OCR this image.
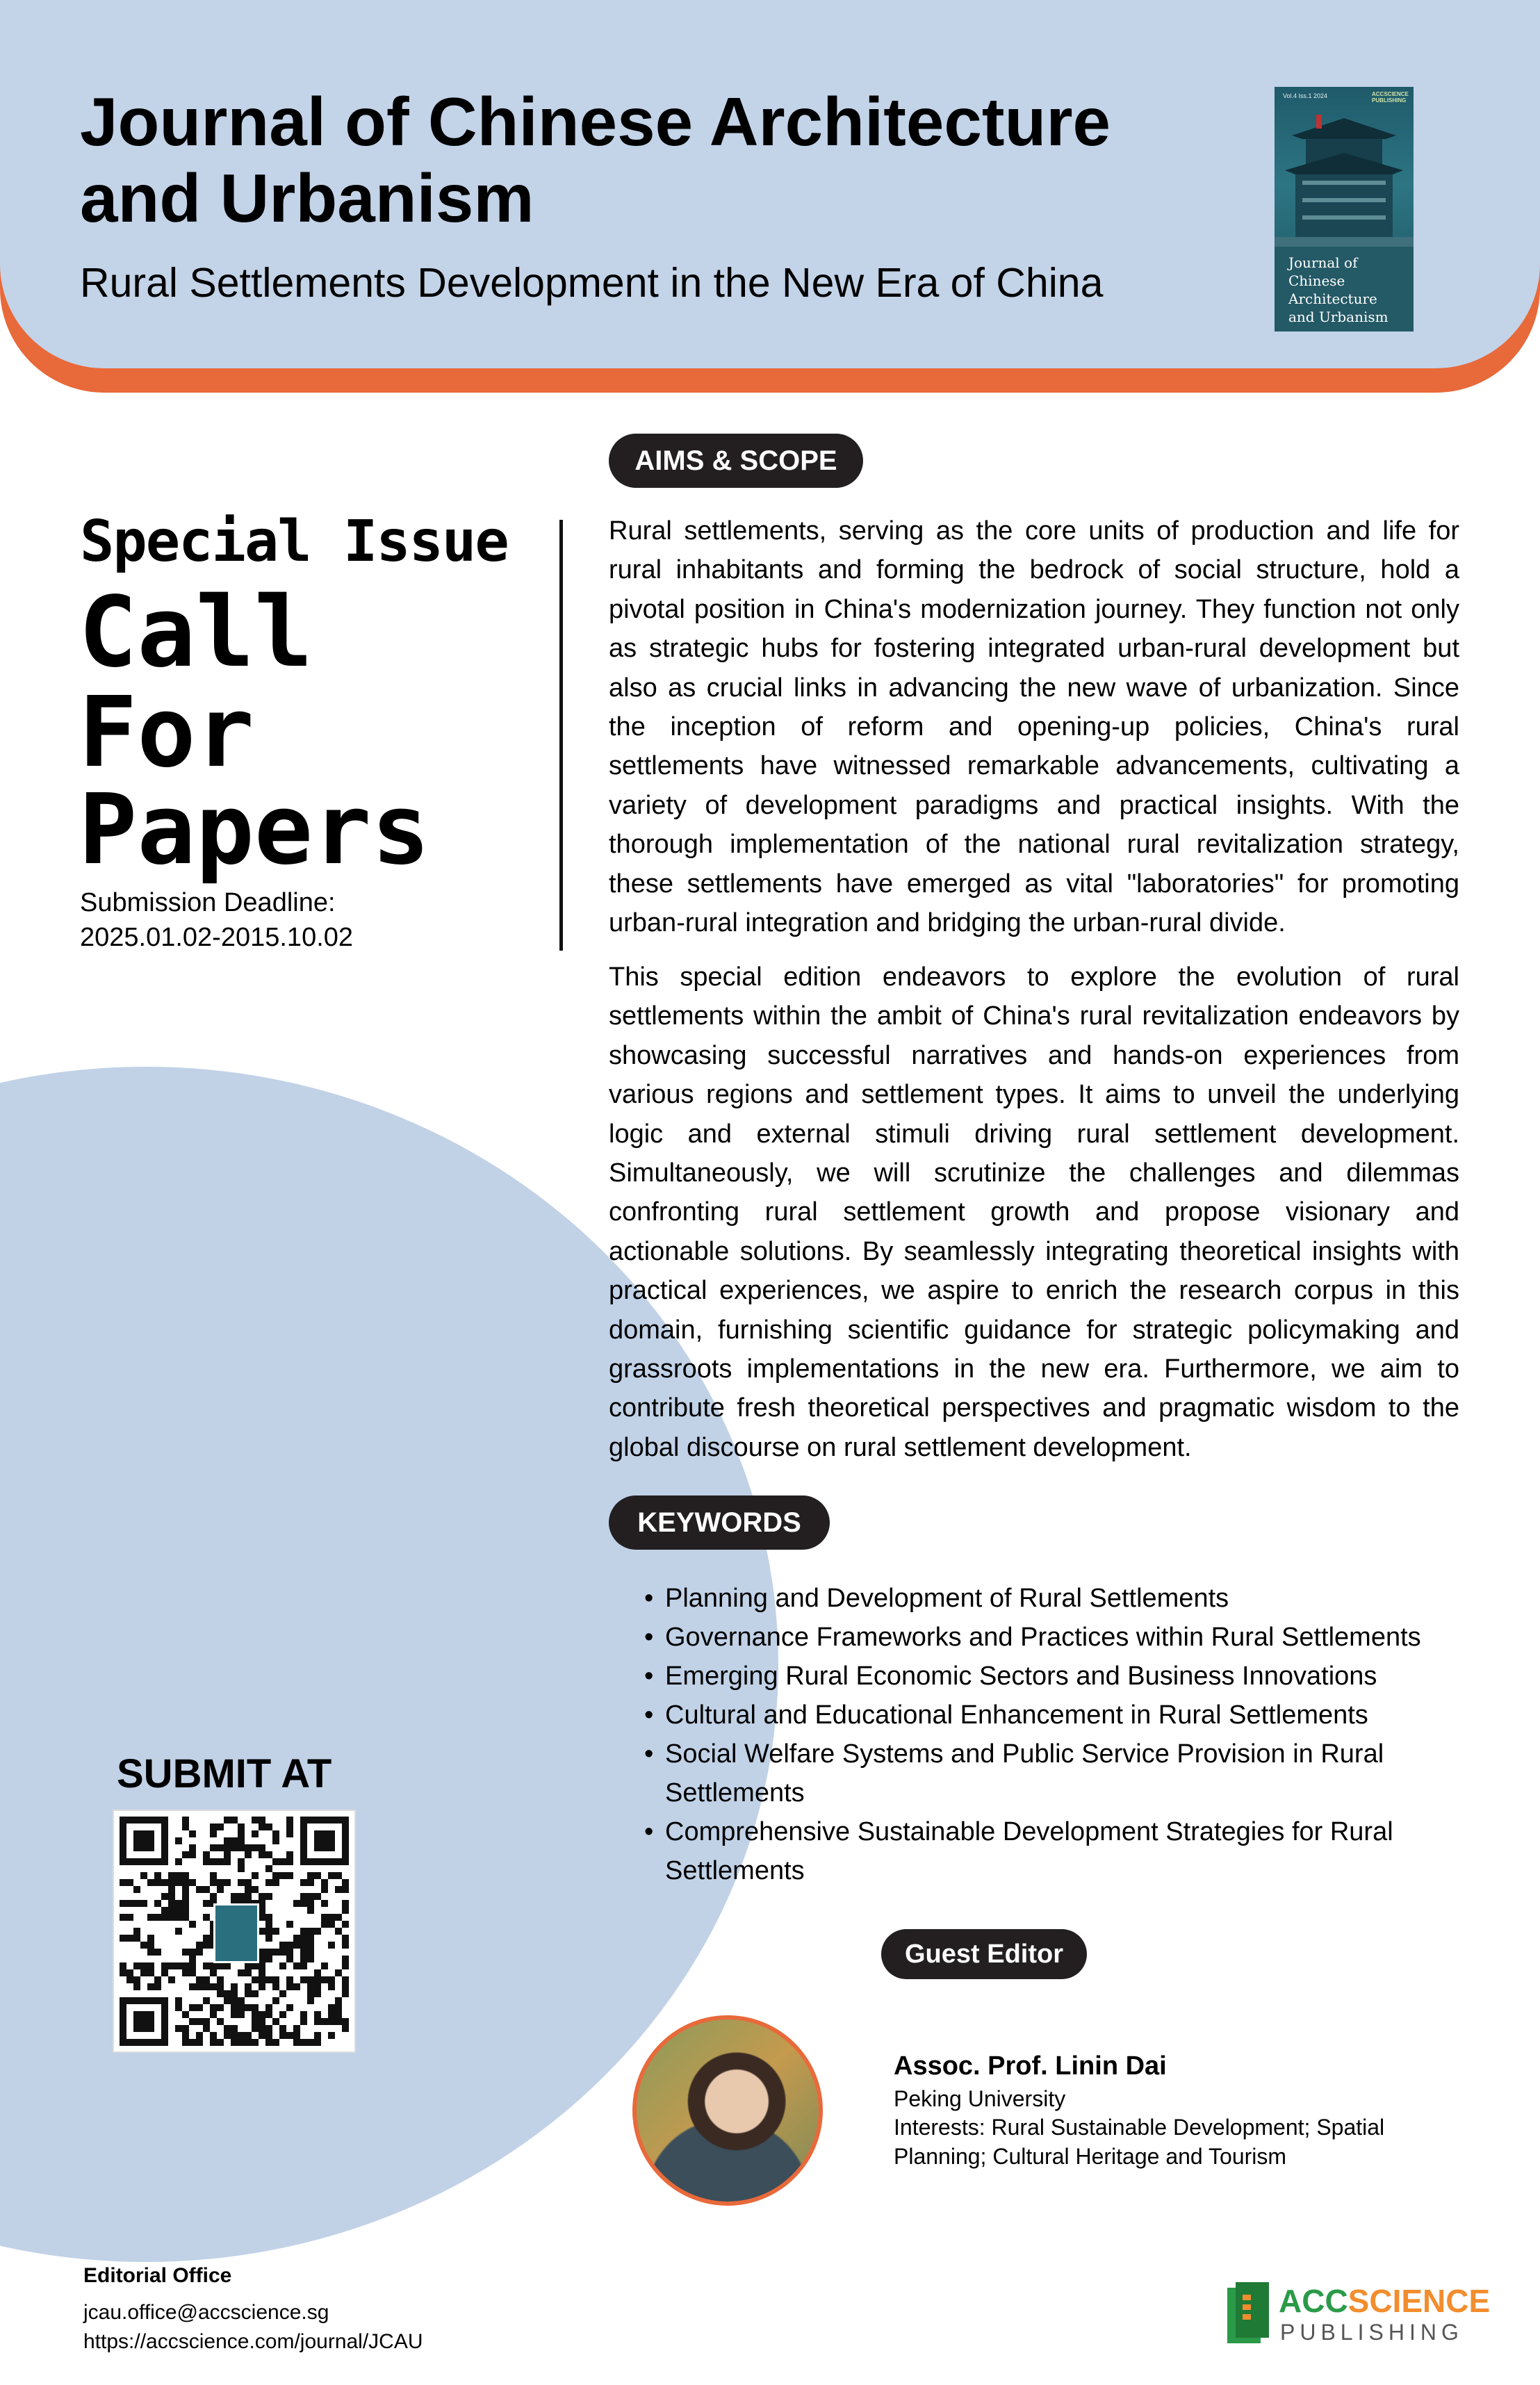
Journal of Chinese Architecture and Urbanism
Rural Settlements Development in the New Era of China
Vol.4 Iss.1 2024	ACCSCIENCE PUBLISHING
Journal of Chinese Architecture and Urbanism
Special Issue
Call
For
Papers
Submission Deadline:
2025.01.02-2015.10.02
AIMS & SCOPE

Rural settlements, serving as the core units of production and life for rural inhabitants and forming the bedrock of social structure, hold a pivotal position in China's modernization journey. They function not only as strategic hubs for fostering integrated urban-rural development but also as crucial links in advancing the new wave of urbanization. Since the inception of reform and opening-up policies, China's rural settlements have witnessed remarkable advancements, cultivating a variety of development paradigms and practical insights. With the thorough implementation of the national rural revitalization strategy, these settlements have emerged as vital "laboratories" for promoting urban-rural integration and bridging the urban-rural divide.

This special edition endeavors to explore the evolution of rural settlements within the ambit of China's rural revitalization endeavors by showcasing successful narratives and hands-on experiences from various regions and settlement types. It aims to unveil the underlying logic and external stimuli driving rural settlement development. Simultaneously, we will scrutinize the challenges and dilemmas confronting rural settlement growth and propose visionary and actionable solutions. By seamlessly integrating theoretical insights with practical experiences, we aspire to enrich the research corpus in this domain, furnishing scientific guidance for strategic policymaking and grassroots implementations in the new era. Furthermore, we aim to contribute fresh theoretical perspectives and pragmatic wisdom to the global discourse on rural settlement development.

KEYWORDS
• Planning and Development of Rural Settlements
• Governance Frameworks and Practices within Rural Settlements
• Emerging Rural Economic Sectors and Business Innovations
• Cultural and Educational Enhancement in Rural Settlements
• Social Welfare Systems and Public Service Provision in Rural Settlements
• Comprehensive Sustainable Development Strategies for Rural Settlements
SUBMIT AT
Guest Editor
Assoc. Prof. Linin Dai
Peking University
Interests: Rural Sustainable Development; Spatial Planning; Cultural Heritage and Tourism
Editorial Office
jcau.office@accscience.sg
https://accscience.com/journal/JCAU
ACCSCIENCE
PUBLISHING
